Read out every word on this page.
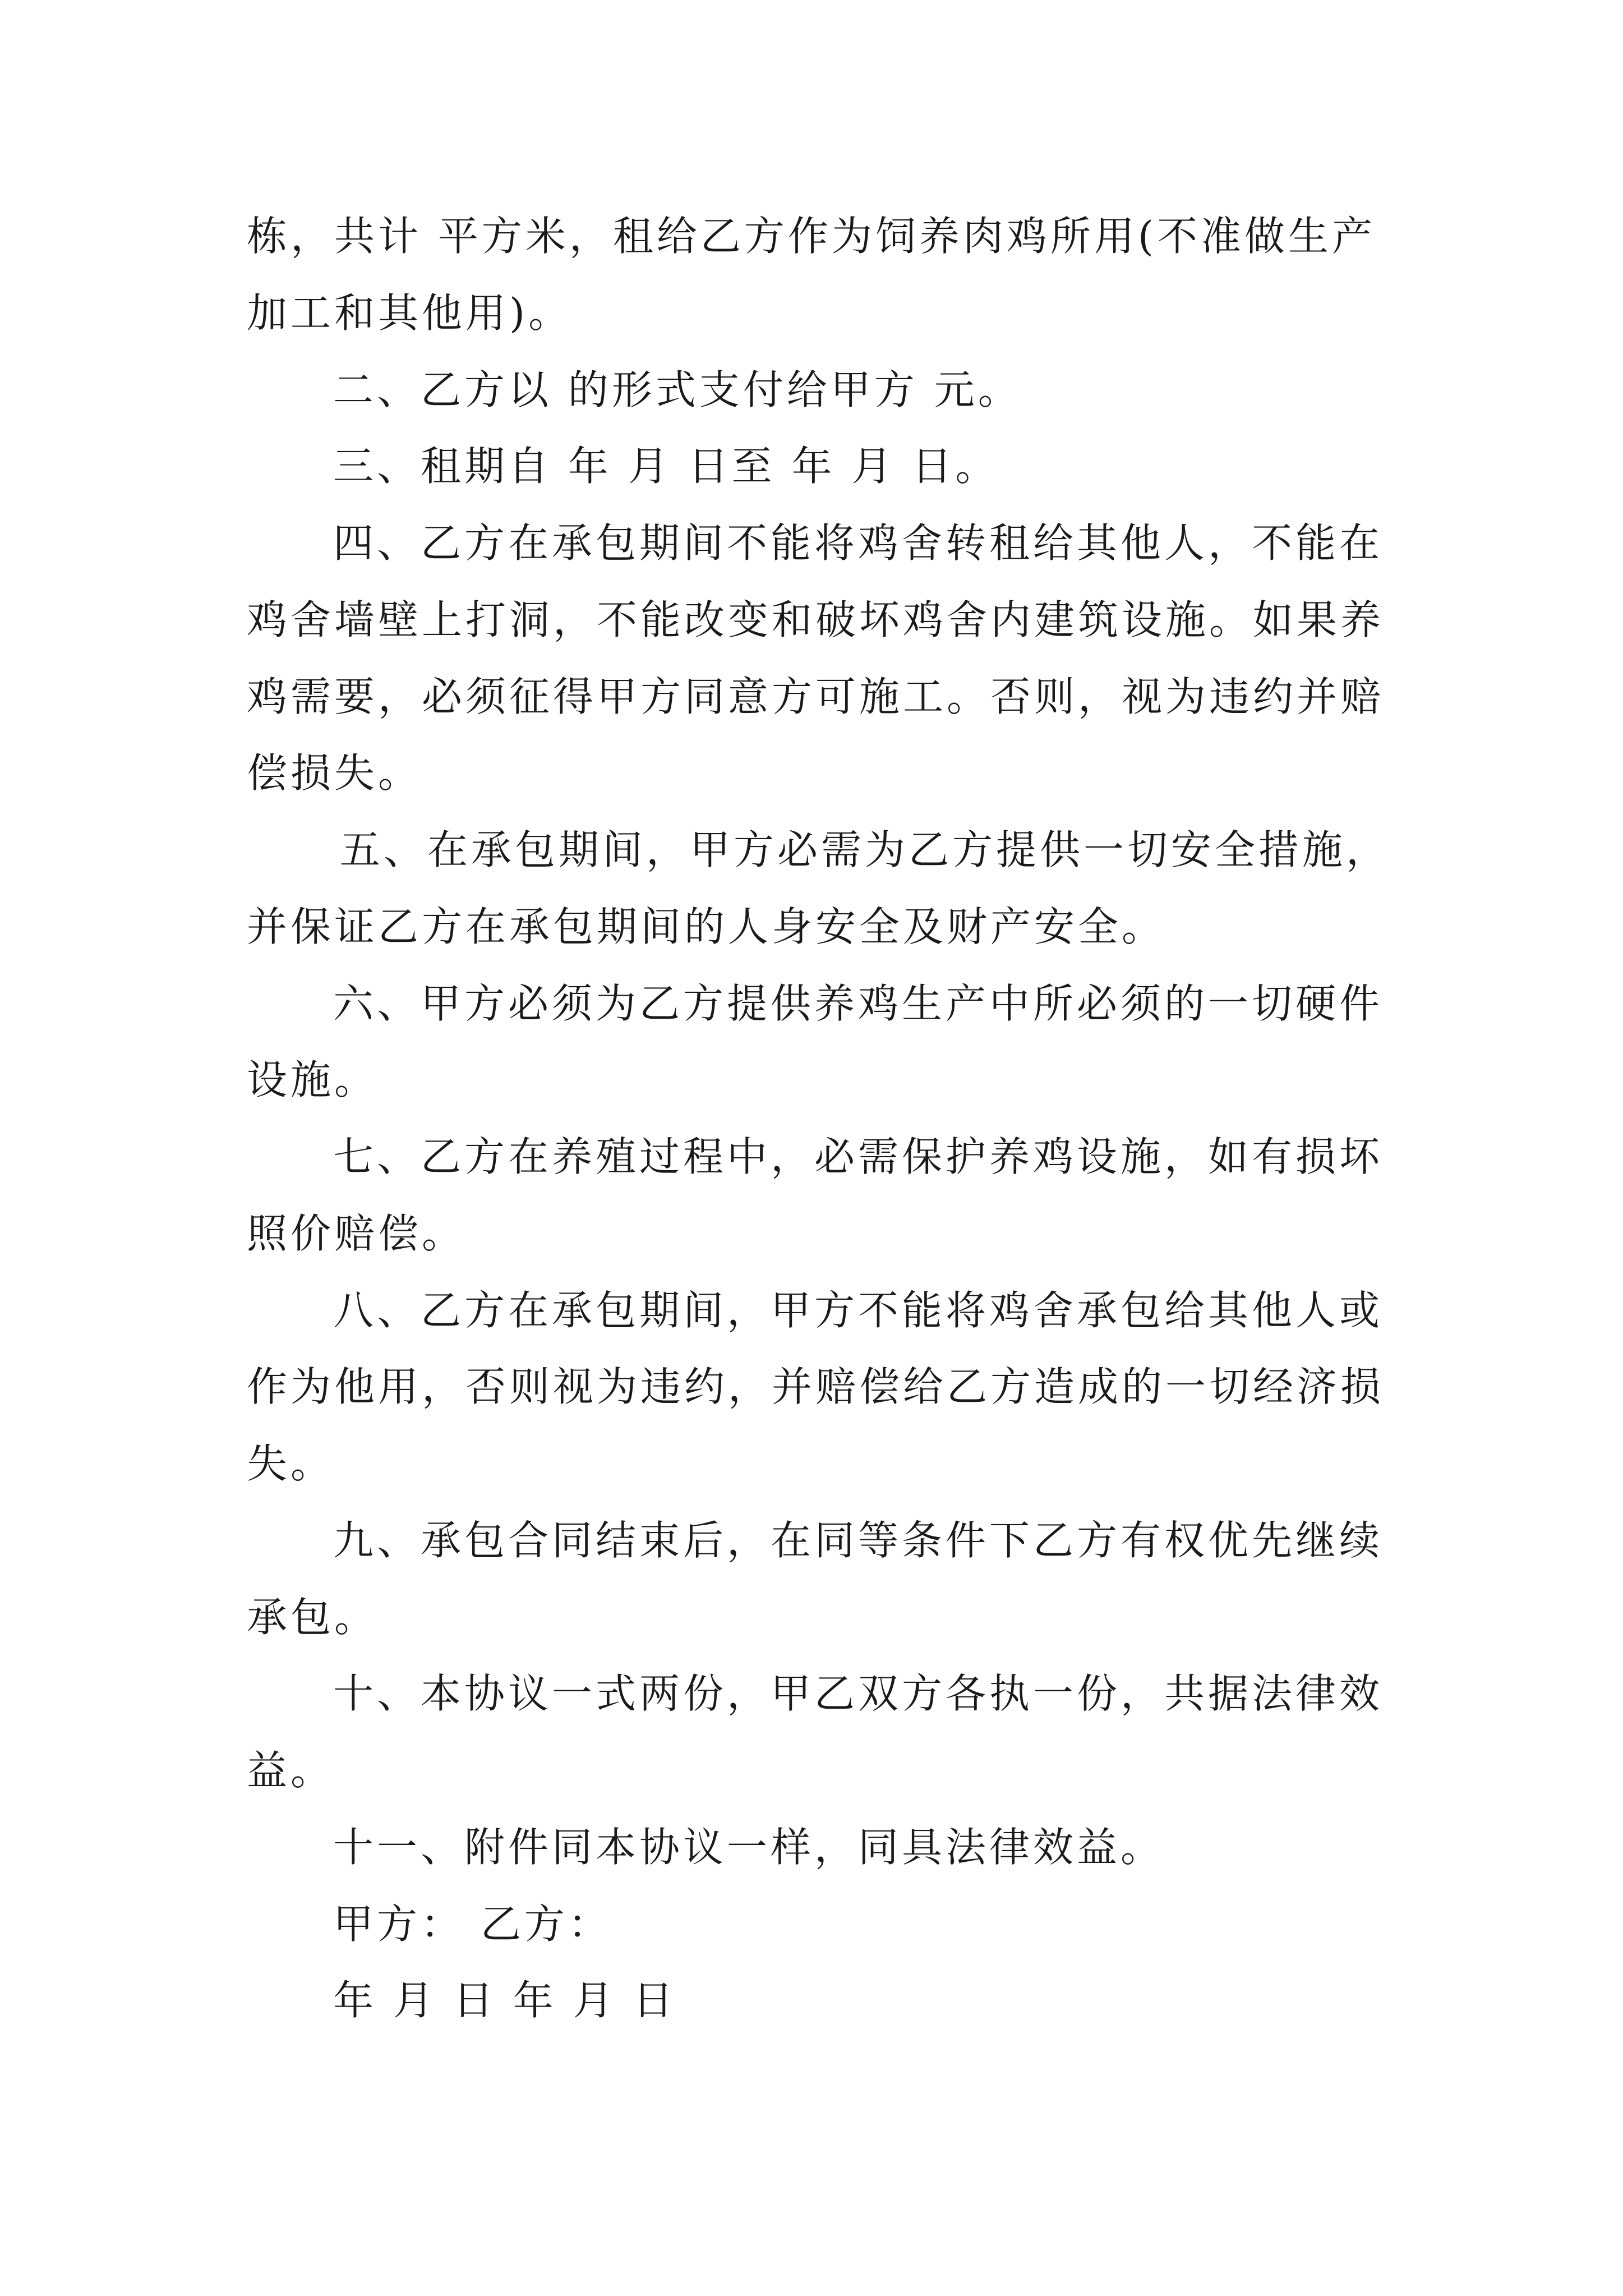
栋，共计 平方米，租给乙方作为饲养肉鸡所用(不准做生产
加工和其他用)。
二、乙方以 的形式支付给甲方 元。
三、租期自 年 月 日至 年 月 日。
四、乙方在承包期间不能将鸡舍转租给其他人，不能在
鸡舍墙壁上打洞，不能改变和破坏鸡舍内建筑设施。如果养
鸡需要，必须征得甲方同意方可施工。否则，视为违约并赔
偿损失。
五、在承包期间，甲方必需为乙方提供一切安全措施，
并保证乙方在承包期间的人身安全及财产安全。
六、甲方必须为乙方提供养鸡生产中所必须的一切硬件
设施。
七、乙方在养殖过程中，必需保护养鸡设施，如有损坏
照价赔偿。
八、乙方在承包期间，甲方不能将鸡舍承包给其他人或
作为他用，否则视为违约，并赔偿给乙方造成的一切经济损
失。
九、承包合同结束后，在同等条件下乙方有权优先继续
承包。
十、本协议一式两份，甲乙双方各执一份，共据法律效
益。
十一、附件同本协议一样，同具法律效益。
甲方： 乙方：
年 月 日 年 月 日
